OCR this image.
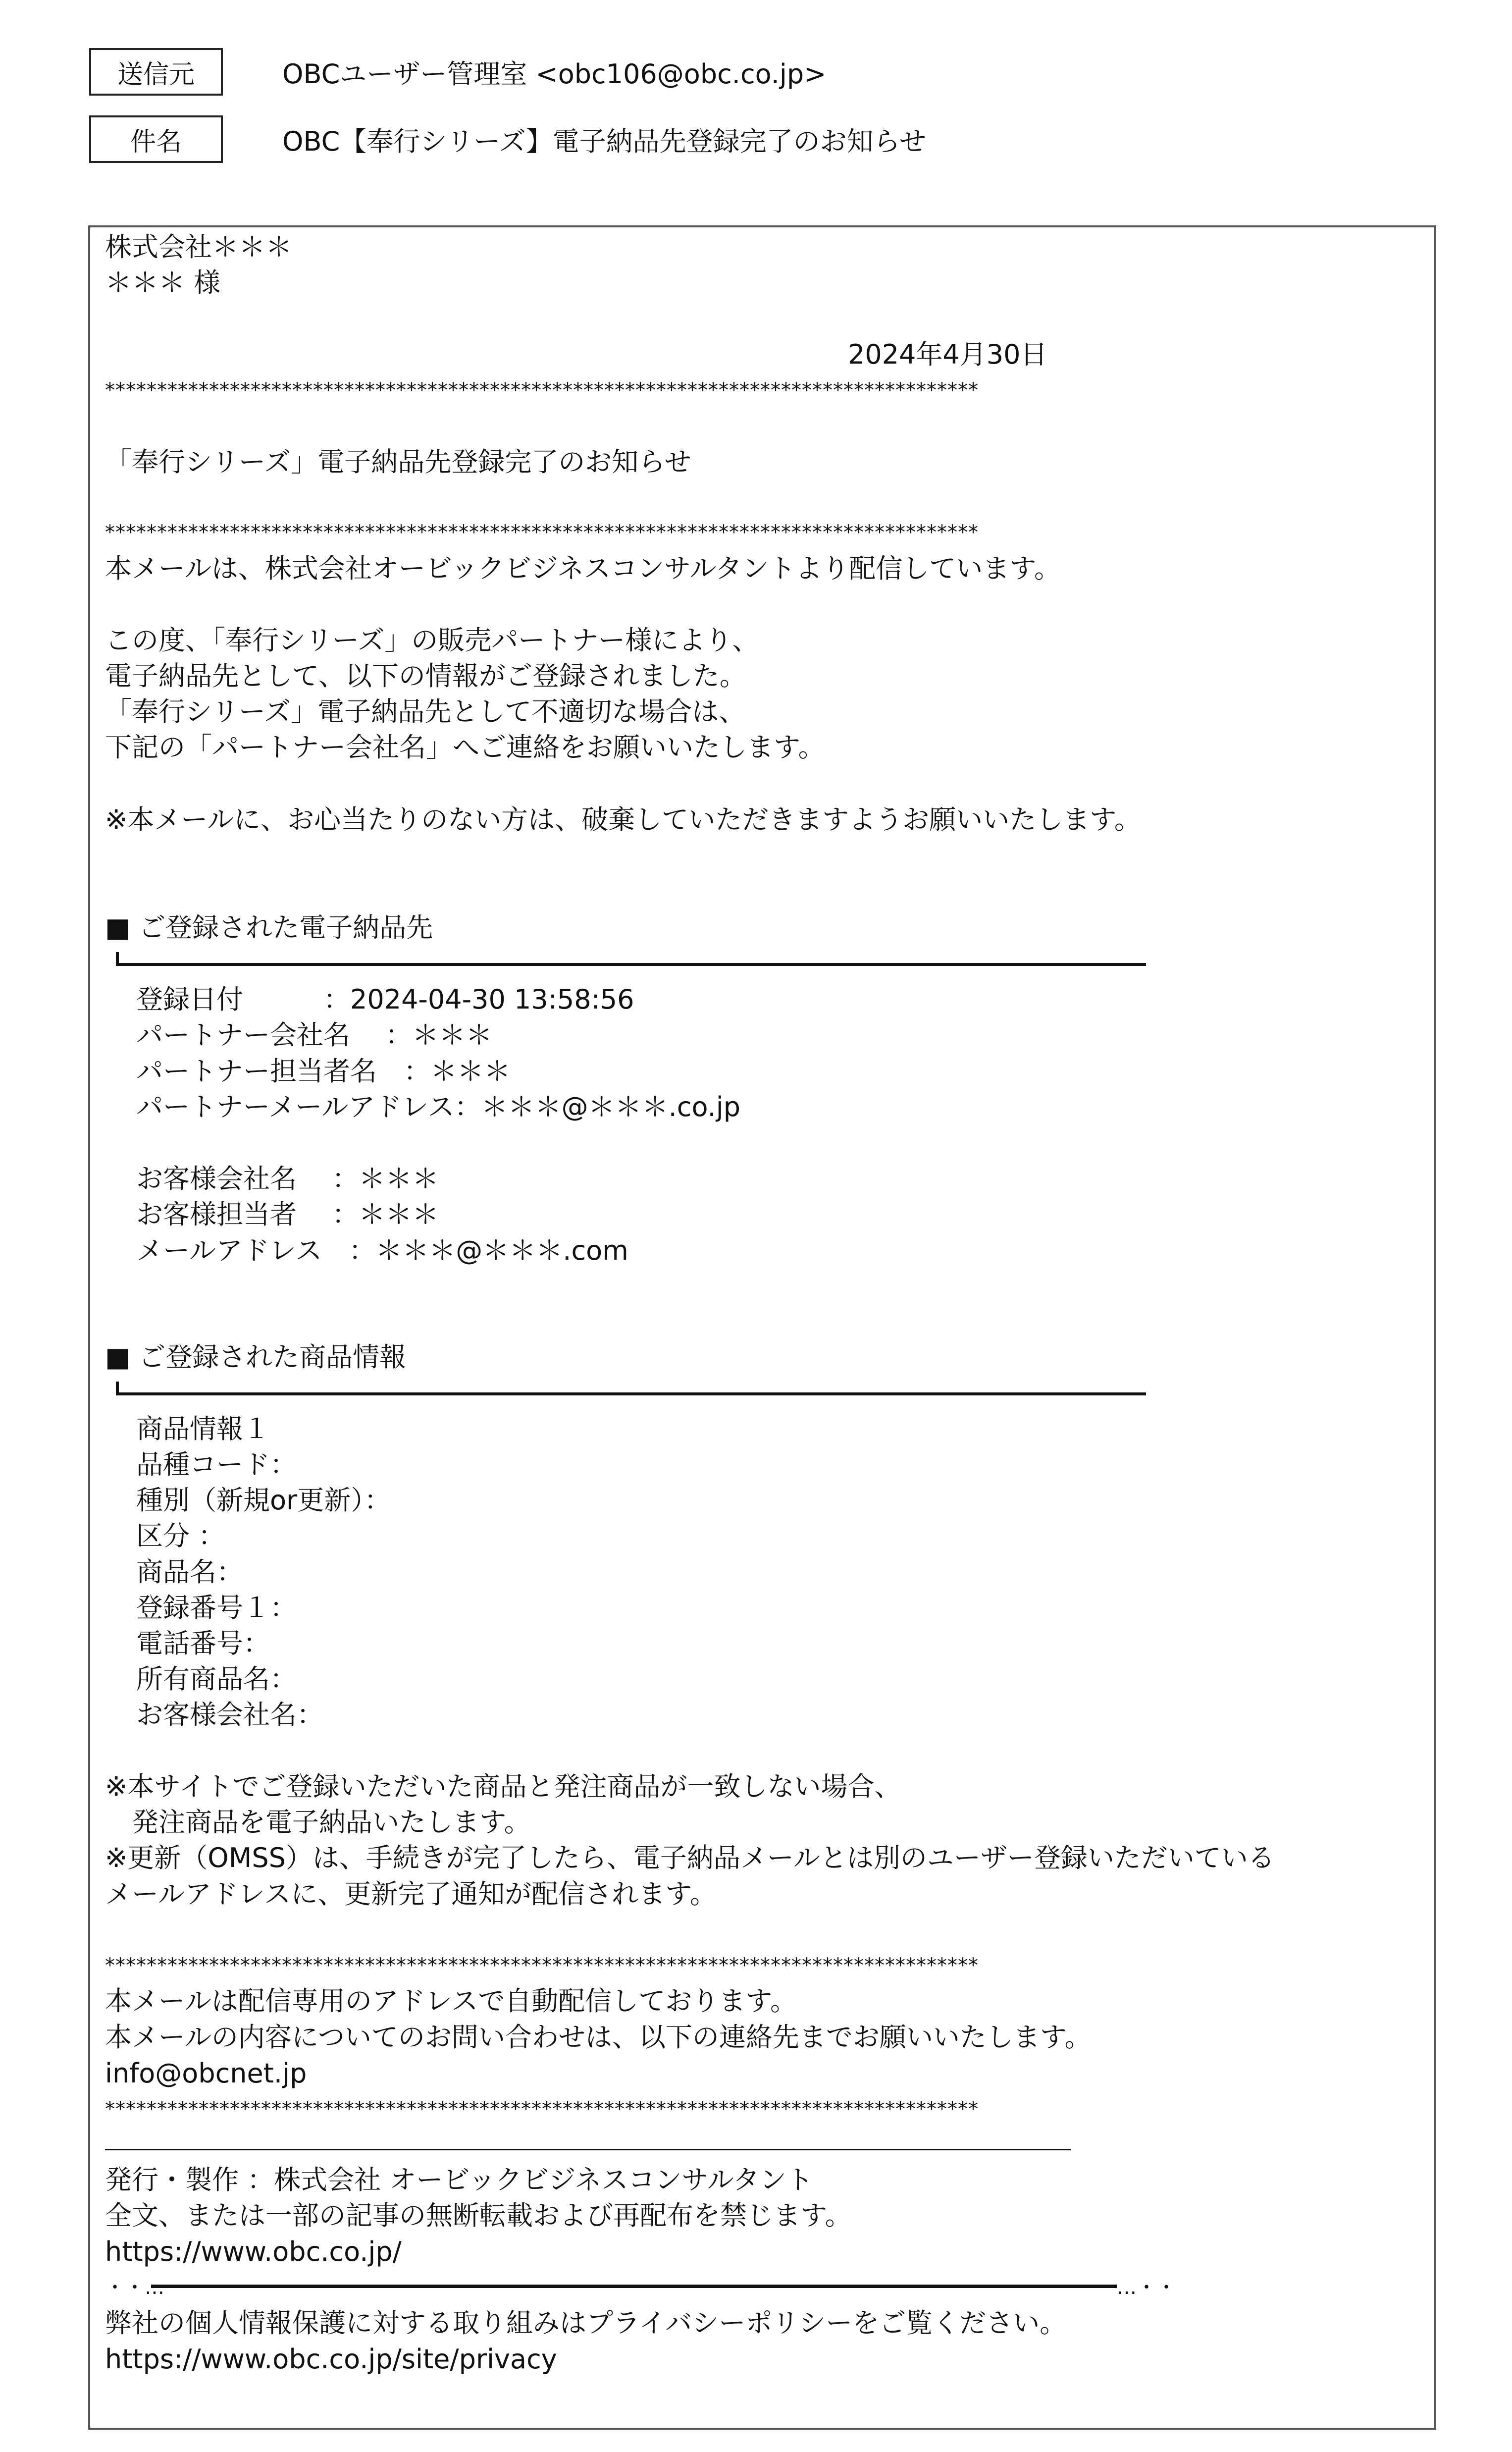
送信元	OBCユーザー管理室 <obc106@obc.co.jp>
件名	OBC【奉行シリーズ】電子納品先登録完了のお知らせ
株式会社＊＊＊
＊＊＊ 様
2024年4月30日
************************************************************************************
「奉行シリーズ」電子納品先登録完了のお知らせ
************************************************************************************
本メールは、株式会社オービックビジネスコンサルタントより配信しています。
この度、「奉行シリーズ」の販売パートナー様により、
電子納品先として、以下の情報がご登録されました。
「奉行シリーズ」電子納品先として不適切な場合は、
下記の「パートナー会社名」へご連絡をお願いいたします。
※本メールに、お心当たりのない方は、破棄していただきますようお願いいたします。
■ ご登録された電子納品先
登録日付　　　：2024-04-30 13:58:56
パートナー会社名　 ：＊＊＊
パートナー担当者名　：＊＊＊
パートナーメールアドレス：＊＊＊@＊＊＊.co.jp
お客様会社名　 ：＊＊＊
お客様担当者　 ：＊＊＊
メールアドレス　：＊＊＊@＊＊＊.com
■ ご登録された商品情報
商品情報１
品種コード：
種別（新規or更新）：
区分 ：
商品名：
登録番号１：
電話番号：
所有商品名：
お客様会社名：
※本サイトでご登録いただいた商品と発注商品が一致しない場合、
　発注商品を電子納品いたします。
※更新（OMSS）は、手続きが完了したら、電子納品メールとは別のユーザー登録いただいている
メールアドレスに、更新完了通知が配信されます。
************************************************************************************
本メールは配信専用のアドレスで自動配信しております。
本メールの内容についてのお問い合わせは、以下の連絡先までお願いいたします。
info@obcnet.jp
************************************************************************************
発行・製作 ：株式会社 オービックビジネスコンサルタント
全文、または一部の記事の無断転載および再配布を禁じます。
https://www.obc.co.jp/
・・…	…・・
弊社の個人情報保護に対する取り組みはプライバシーポリシーをご覧ください。
https://www.obc.co.jp/site/privacy
